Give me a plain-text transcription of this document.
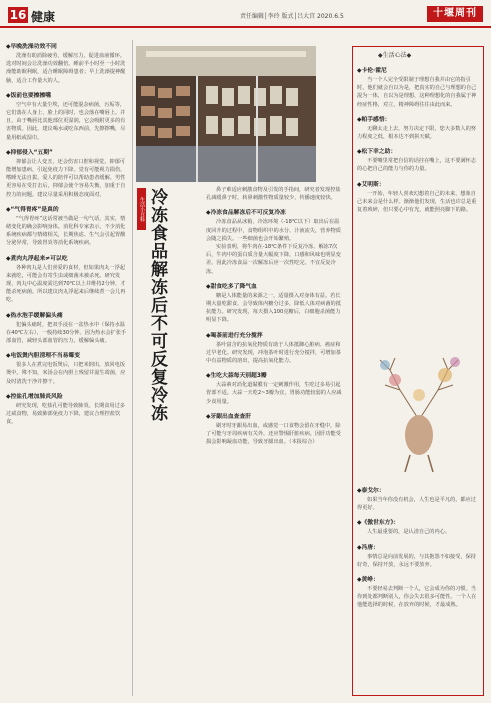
16 健康	责任编辑│李玲 版式│吕大宫 2020.6.5	十堰周刊
◆早晚洗澡功效不同

洗澡有助消除疲劳，缓解压力，促进血液循环。选对时间会让洗澡功效翻倍。睡前半小时至一小时洗澡能助眠利眠，适合睡眠障碍患者；早上洗澡提神醒脑，适合工作量大的人。

◆饭前也要擦擦嘴

空气中有大量尘埃，还可能混杂病菌，污垢等，它们落在人身上、脸上的同时，也会落在嘴唇上。并且，由于嘴唇比其他部位更湿润，它会吸附更多的有害物质。因此，建议喝水或吃东西前，先擦擦嘴，尽量用纸或湿巾。

◆抑郁侵入“五期”

抑郁会让人变丑，还会伤害口腔和视觉。抑郁可能增加患病，引起免疫力下降。觉有可能视力损伤，嗜睡无法自拔，爱人的陪伴可以帮助患者缓解。男性更容易在受打击后，抑郁会使个容易失衡，加重于自控力的问题。建议尽量采用积极态度面对。

◆“气得胃疼”是真的

“气得胃疼”这话常被当做是一句气话，其实，情绪变化的确会影响身体。消化科专家表示，不少消化系统疾病都与情绪相关，长期焦虑、生气会引起胃酸分泌异常，导致胃炎等消化系统疾病。

◆煮肉丸浮起来≠可以吃

各种肉丸是人们喜爱的食材，但如果肉丸一浮起来就吃，可能会有寄生虫或细菌未被杀死。研究发现，肉丸中心温度需达到70℃以上并维持2分钟，才能杀死病菌。所以建议肉丸浮起来后继续煮一会儿再吃。

◆热水泡手缓解偏头痛

犯偏头痛时，把双手浸在一盆热水中（保持水温在40℃左右），一般持续30分钟。因为热水会扩张手部血管，减轻头部血管的压力，缓解偏头痛。

◆电饭煲内胆清理不当易霉变

很多人在煮完电饭煲后，只把米倒出，放回电饭煲中。殊不知，米汤会在内胆上残留并滋生霉菌，应及时清洗干净并擦干。

◆控盐孔增加肺炎风险

研究发现，吃盐孔可能导致肺炎。长期食用过多过咸食物，易致肺部免疫力下降，建议合理控盐饮食。

生活小百科 冷冻食品解冻后不可反复冷冻	鼻子难适应刺激食物及引发的手指间，研究者发现控盐孔减缓鼻子时，转鼻刺激性物质量较少，传播速度较快。

◆冷冻食品解冻后不可反复冷冻

冷冻食品从冰箱、冷冻环境（-18℃以下）取出后在温度回升的过程中，食物组织中的水分、汁液流失，营养物质会随之损失。一些细菌也会开始繁殖。

实验表明，将牛肉在-18℃条件下反复冷冻、解冻7次后，牛肉中的蛋白质含量大幅度下降，口感和风味也明显变差。因此冷冻食品一次解冻后应一次性吃完，不宜反复冷冻。

◆甜食吃多了降气血

糖是人体能量的来源之一，适量摄入对身体有益。若长期大量吃甜食，会导致体内糖分过多，降低人体对病菌的抵抗能力。研究发现，每天摄入100克糖后，白细胞杀菌能力明显下降。

◆喝茶前进行充分搅拌

茶叶富含的抗氧化物质有助于人体抵御心脏病、癌症和过早老化。研究发现，冲泡茶叶时进行充分搅拌，可增加茶中有益物质的溶出，提高抗氧化能力。

◆生吃大蒜每天别超3瓣

大蒜素对消化道黏膜有一定刺激作用，生吃过多易引起胃部不适。大蒜一天吃2~3瓣为宜，胃肠功能较弱的人应减少食用量。

◆牙龈出血查查肝

刷牙时牙龈易出血，或感觉一口食物会留在牙缝中，除了可能与牙周疾病有关外，还应警惕肝脏疾病。因肝功能受损会影响凝血功能，导致牙龈出血。（本报综合）

◆生活心法◆
◆卡伦·霍尼

当一个人完全受限制于理想自我并由它的指引时，他们就会自以为是，把真实的自己与理想的自己混为一体，自以为是理想，这种理想化的自我属于神经症性格，对立，精神障碍往往由此而来。

◆帕手感悟：

无聊太走上去，努力决定下限，您大多数人的努力程度之低，根本达不到拼天赋。

◆松下幸之助：

不要嘴里常把自信的话挂在嘴上，这不要满怀志的心把自己的能力与你的力量。

◆艾明斯：

一开始，年轻人喜欢幻想着自己的未来，想象自己未来会是什么样。渐渐他们发现，生活也许总是重复着琐碎，但只要心中有光，就能照亮脚下的路。

◆泰戈尔：

如果当年你没有机会，人生也是平凡的，都应过得更好。

◆《傲世东方》：

人生最重要的，是认清自己的内心。

◆冯唐：

事情总是向前发展的，与其抱怨不如接受，保持好奇，保持开放，永远不要放弃。

◆黄峥：

不要轻易去判断一个人，它会成为你的习惯。当你到处都判断别人，你会失去很多可能性。一个人在他能选择的时候，在放弃的时候，才最成熟。
